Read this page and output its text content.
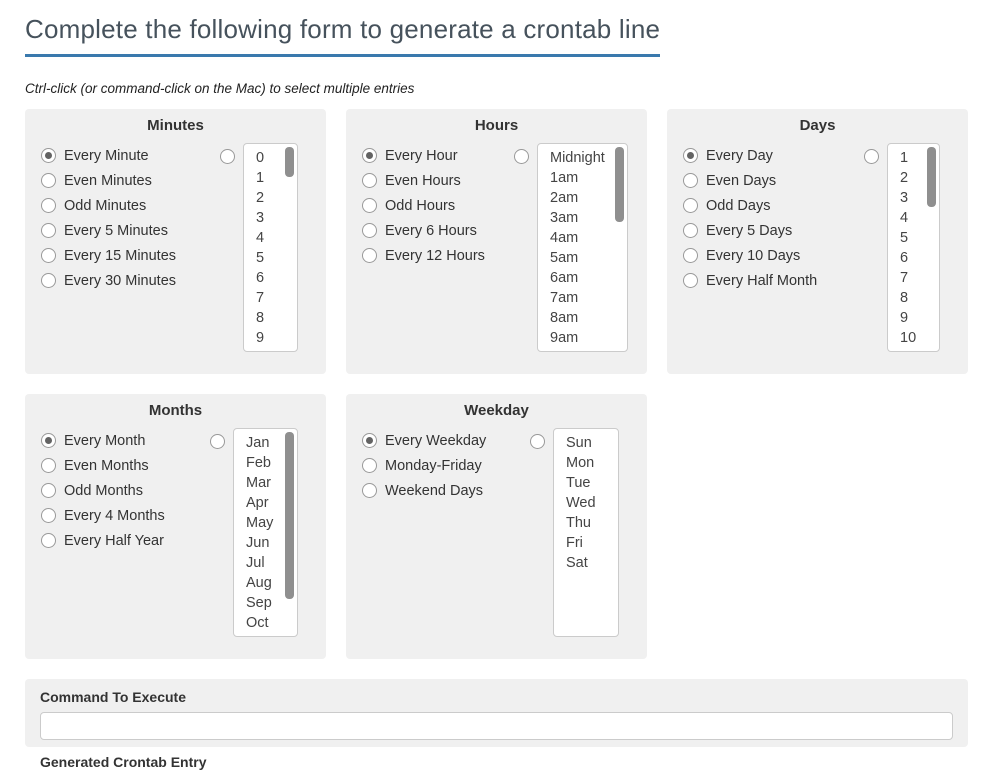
Complete the following form to generate a crontab line
Ctrl-click (or command-click on the Mac) to select multiple entries
Minutes
Every Minute
Even Minutes
Odd Minutes
Every 5 Minutes
Every 15 Minutes
Every 30 Minutes
0
1
2
3
4
5
6
7
8
9
Hours
Every Hour
Even Hours
Odd Hours
Every 6 Hours
Every 12 Hours
Midnight
1am
2am
3am
4am
5am
6am
7am
8am
9am
Days
Every Day
Even Days
Odd Days
Every 5 Days
Every 10 Days
Every Half Month
1
2
3
4
5
6
7
8
9
10
Months
Every Month
Even Months
Odd Months
Every 4 Months
Every Half Year
Jan
Feb
Mar
Apr
May
Jun
Jul
Aug
Sep
Oct
Weekday
Every Weekday
Monday-Friday
Weekend Days
Sun
Mon
Tue
Wed
Thu
Fri
Sat
Command To Execute
Generated Crontab Entry
